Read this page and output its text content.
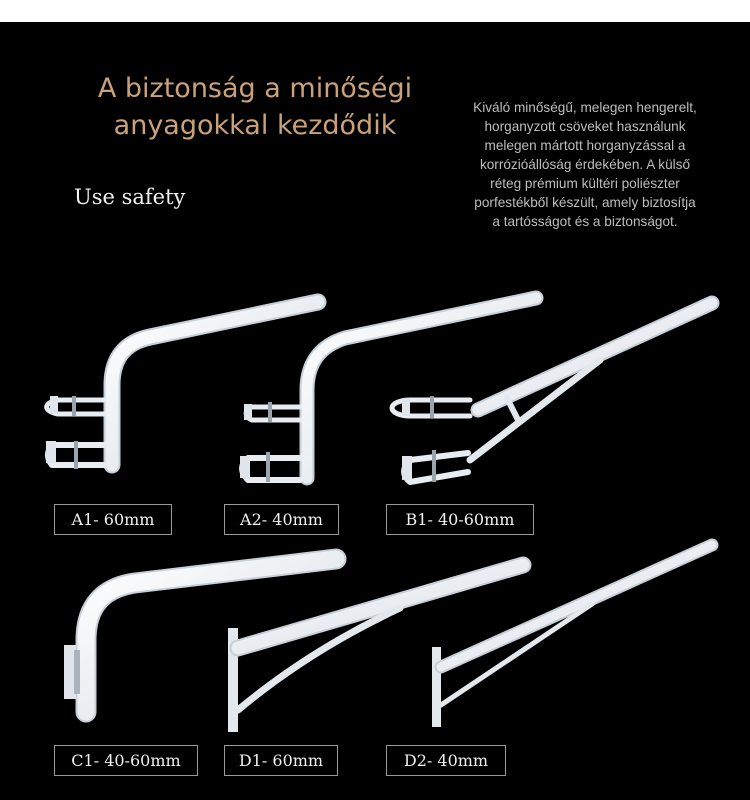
A biztonság a minőségi
anyagokkal kezdődik
Use safety
Kiváló minőségű, melegen hengerelt,
horganyzott csöveket használunk
melegen mártott horganyzással a
korrózióállóság érdekében. A külső
réteg prémium kültéri poliészter
porfestékből készült, amely biztosítja
a tartósságot és a biztonságot.
A1- 60mm	A2- 40mm	B1- 40-60mm
C1- 40-60mm	D1- 60mm	D2- 40mm
